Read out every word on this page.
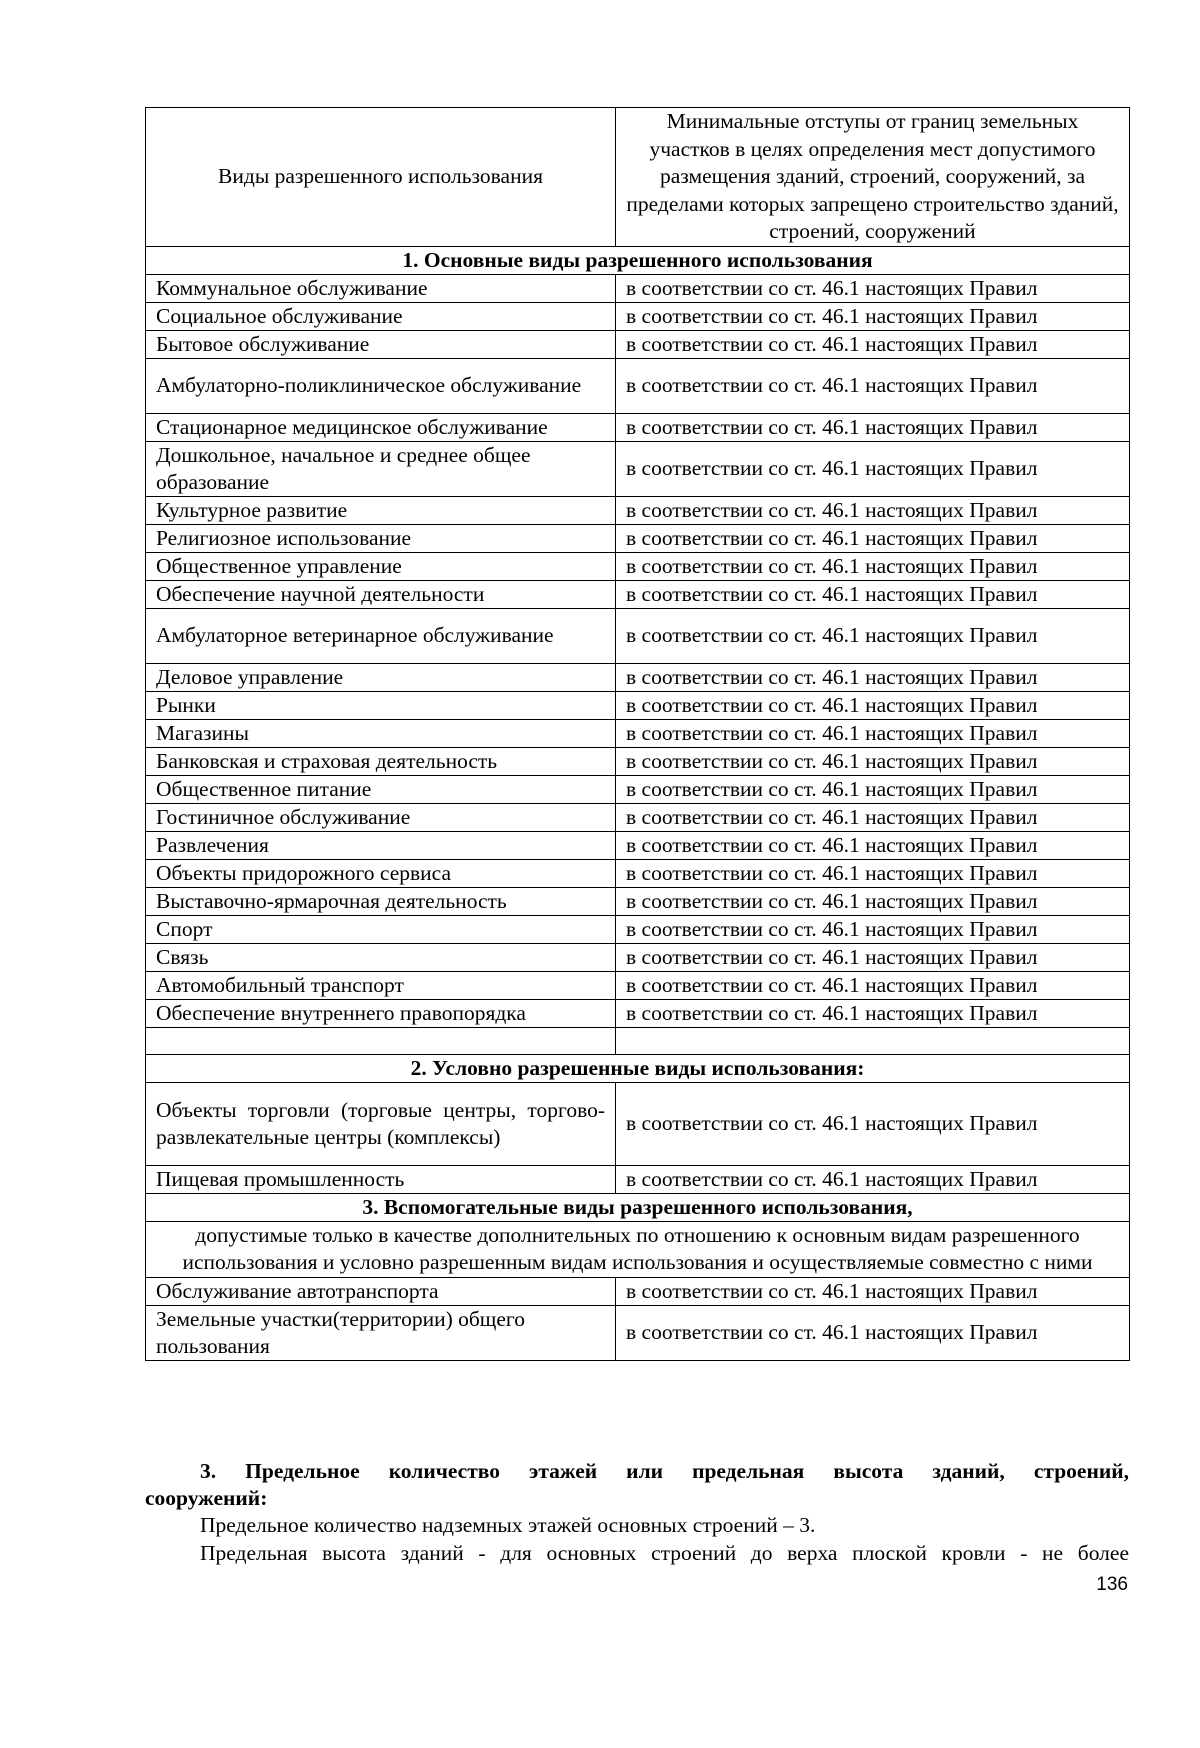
Виды разрешенного использования	Минимальные отступы от границ земельных участков в целях определения мест допустимого размещения зданий, строений, сооружений, за пределами которых запрещено строительство зданий, строений, сооружений
1. Основные виды разрешенного использования	
Коммунальное обслуживание	в соответствии со ст. 46.1 настоящих Правил
Социальное обслуживание	в соответствии со ст. 46.1 настоящих Правил
Бытовое обслуживание	в соответствии со ст. 46.1 настоящих Правил
Амбулаторно-поликлиническое обслуживание	в соответствии со ст. 46.1 настоящих Правил
Стационарное медицинское обслуживание	в соответствии со ст. 46.1 настоящих Правил
Дошкольное, начальное и среднее общее образование	в соответствии со ст. 46.1 настоящих Правил
Культурное развитие	в соответствии со ст. 46.1 настоящих Правил
Религиозное использование	в соответствии со ст. 46.1 настоящих Правил
Общественное управление	в соответствии со ст. 46.1 настоящих Правил
Обеспечение научной деятельности	в соответствии со ст. 46.1 настоящих Правил
Амбулаторное ветеринарное обслуживание	в соответствии со ст. 46.1 настоящих Правил
Деловое управление	в соответствии со ст. 46.1 настоящих Правил
Рынки	в соответствии со ст. 46.1 настоящих Правил
Магазины	в соответствии со ст. 46.1 настоящих Правил
Банковская и страховая деятельность	в соответствии со ст. 46.1 настоящих Правил
Общественное питание	в соответствии со ст. 46.1 настоящих Правил
Гостиничное обслуживание	в соответствии со ст. 46.1 настоящих Правил
Развлечения	в соответствии со ст. 46.1 настоящих Правил
Объекты придорожного сервиса	в соответствии со ст. 46.1 настоящих Правил
Выставочно-ярмарочная деятельность	в соответствии со ст. 46.1 настоящих Правил
Спорт	в соответствии со ст. 46.1 настоящих Правил
Связь	в соответствии со ст. 46.1 настоящих Правил
Автомобильный транспорт	в соответствии со ст. 46.1 настоящих Правил
Обеспечение внутреннего правопорядка	в соответствии со ст. 46.1 настоящих Правил

2. Условно разрешенные виды использования:	
Объекты торговли (торговые центры, торгово-развлекательные центры (комплексы)	в соответствии со ст. 46.1 настоящих Правил
Пищевая промышленность	в соответствии со ст. 46.1 настоящих Правил
3. Вспомогательные виды разрешенного использования,	
допустимые только в качестве дополнительных по отношению к основным видам разрешенного использования и условно разрешенным видам использования и осуществляемые совместно с ними	
Обслуживание автотранспорта	в соответствии со ст. 46.1 настоящих Правил
Земельные участки(территории) общего пользования	в соответствии со ст. 46.1 настоящих Правил
3. Предельное количество этажей или предельная высота зданий, строений, сооружений:
Предельное количество надземных этажей основных строений – 3.
Предельная высота зданий - для основных строений до верха плоской кровли - не более
136
